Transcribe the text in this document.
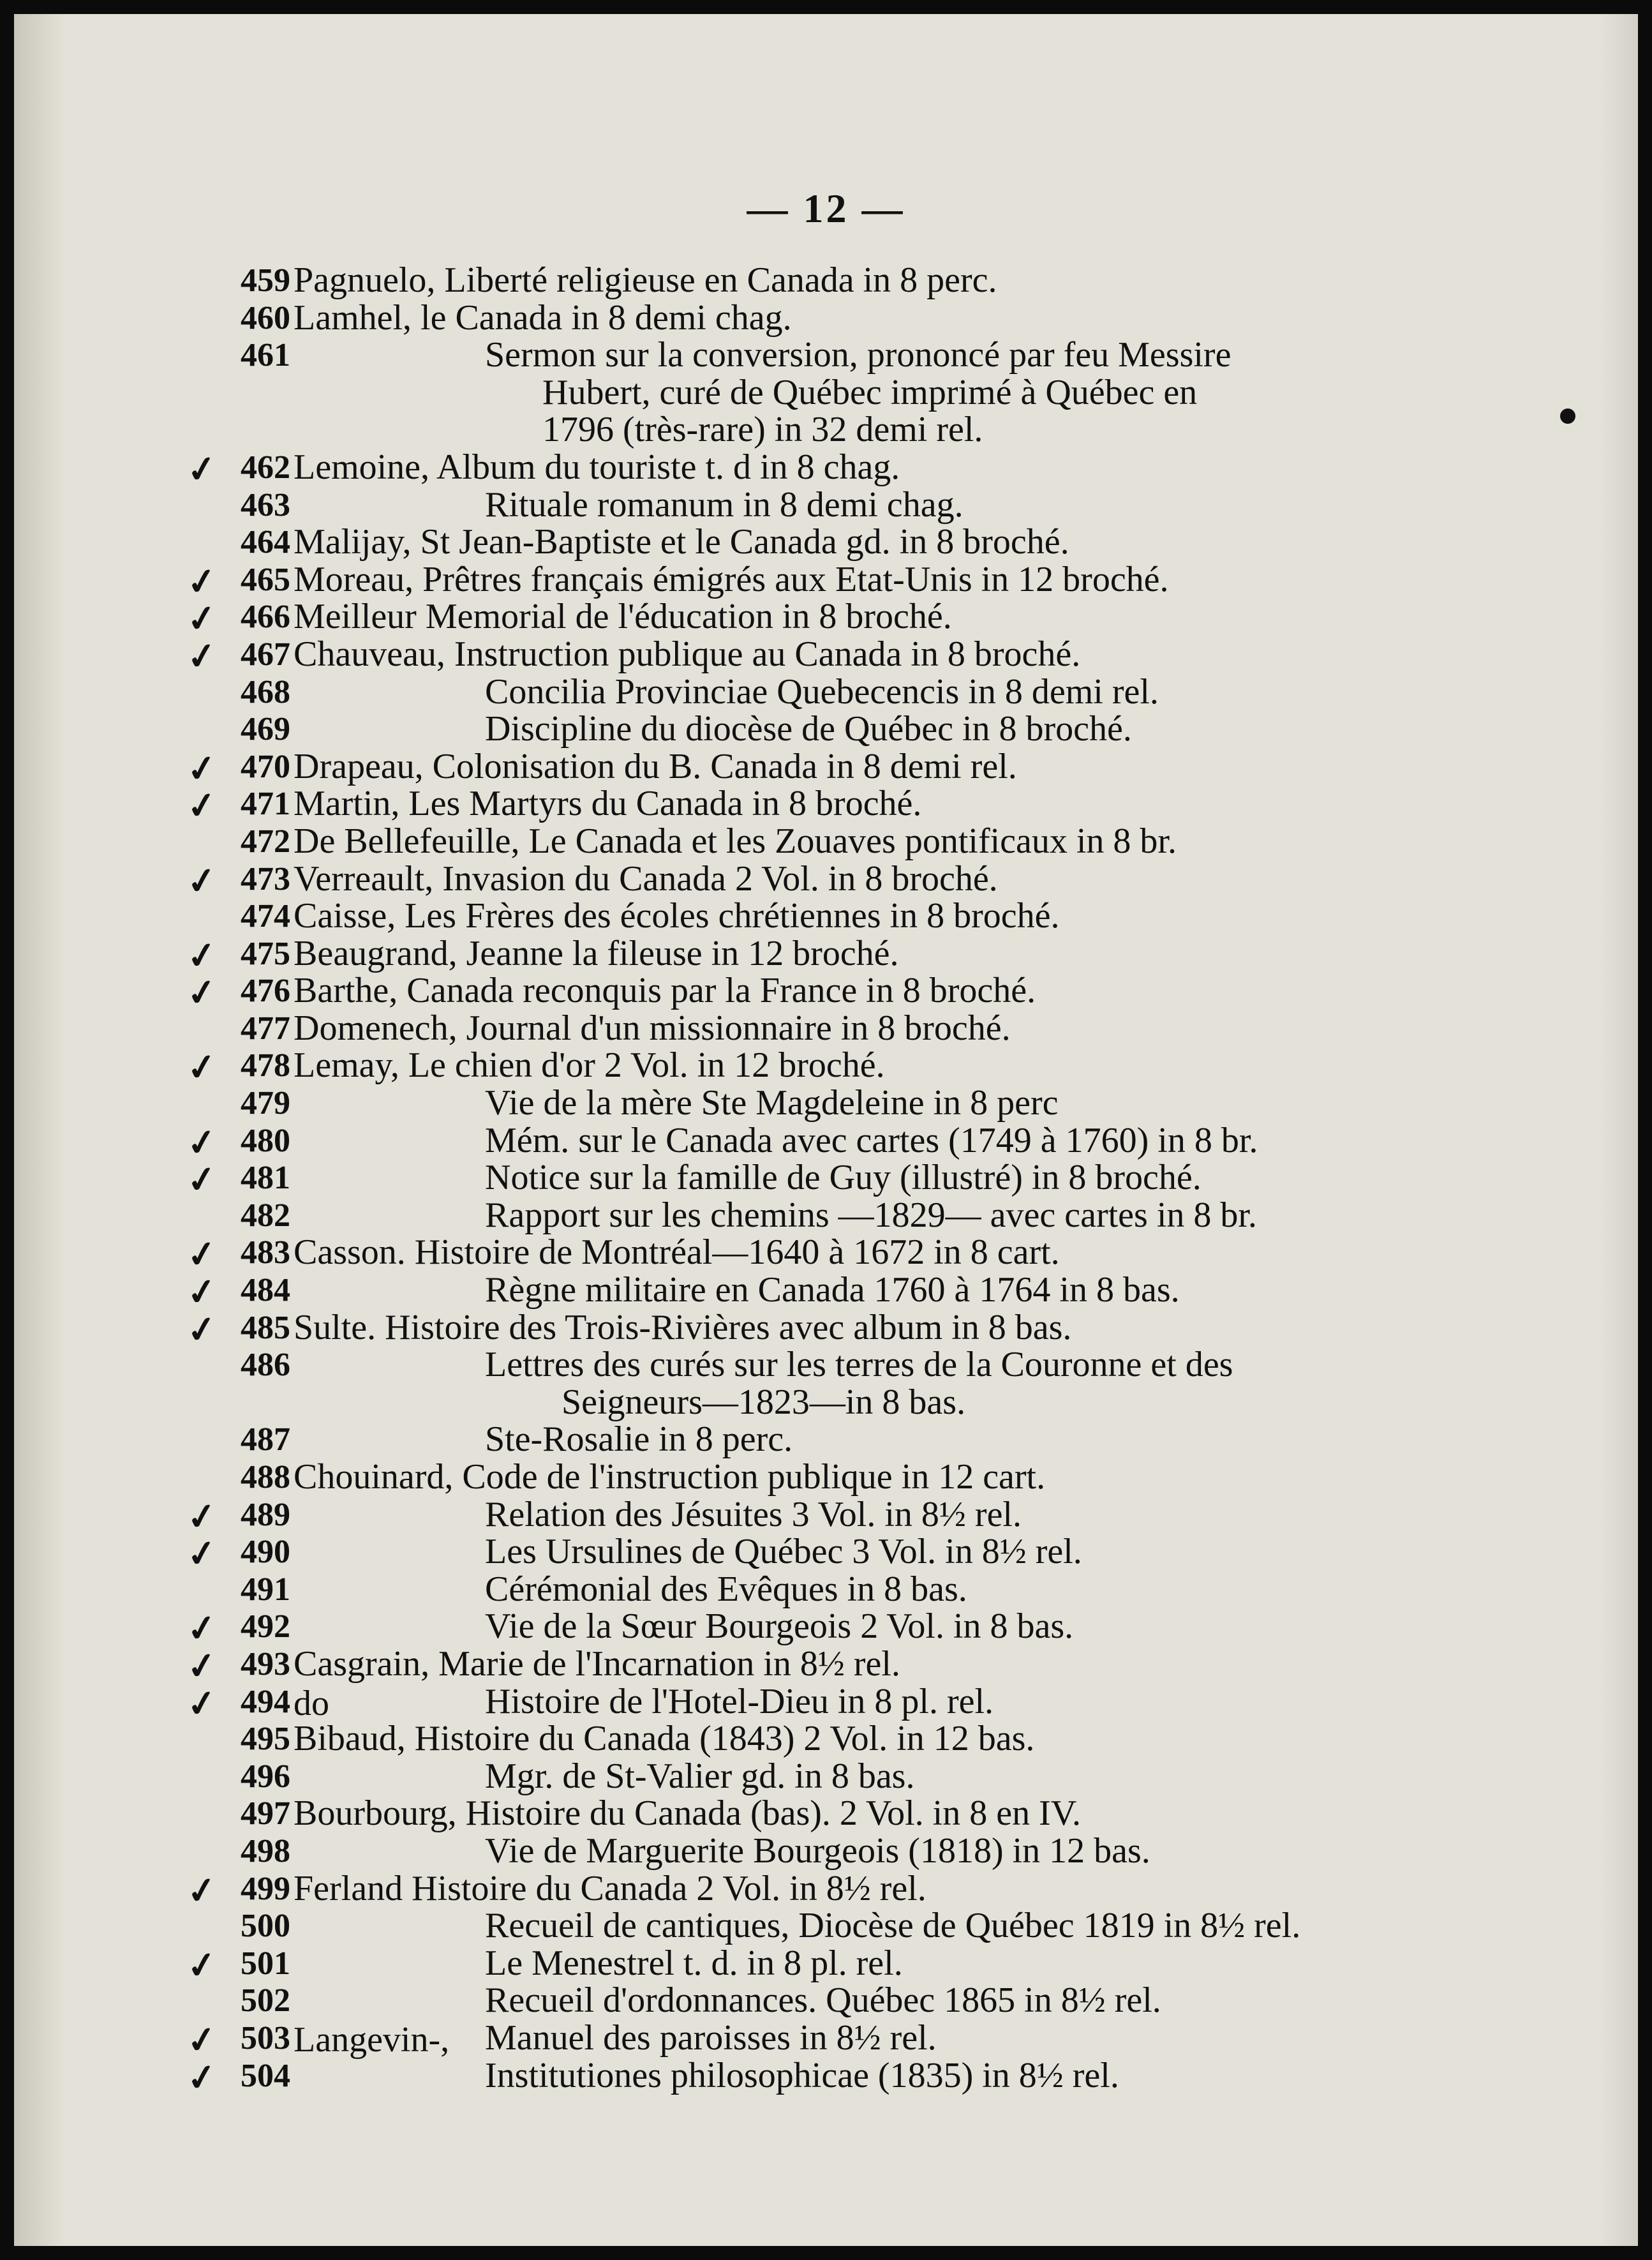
— 12 —
459 Pagnuelo, Liberté religieuse en Canada in 8 perc.
460 Lamhel, le Canada in 8 demi chag.
461	Sermon sur la conversion, prononcé par feu Messire
Hubert, curé de Québec imprimé à Québec en
1796 (très-rare) in 32 demi rel.
✓ 462 Lemoine, Album du touriste t. d in 8 chag.
463	Rituale romanum in 8 demi chag.
464 Malijay, St Jean-Baptiste et le Canada gd. in 8 broché.
✓ 465 Moreau, Prêtres français émigrés aux Etat-Unis in 12 broché.
✓ 466 Meilleur Memorial de l'éducation in 8 broché.
✓ 467 Chauveau, Instruction publique au Canada in 8 broché.
468	Concilia Provinciae Quebecencis in 8 demi rel.
469	Discipline du diocèse de Québec in 8 broché.
✓ 470 Drapeau, Colonisation du B. Canada in 8 demi rel.
✓ 471 Martin, Les Martyrs du Canada in 8 broché.
472 De Bellefeuille, Le Canada et les Zouaves pontificaux in 8 br.
✓ 473 Verreault, Invasion du Canada 2 Vol. in 8 broché.
474 Caisse, Les Frères des écoles chrétiennes in 8 broché.
✓ 475 Beaugrand, Jeanne la fileuse in 12 broché.
✓ 476 Barthe, Canada reconquis par la France in 8 broché.
477 Domenech, Journal d'un missionnaire in 8 broché.
✓ 478 Lemay, Le chien d'or 2 Vol. in 12 broché.
479	Vie de la mère Ste Magdeleine in 8 perc
✓ 480	Mém. sur le Canada avec cartes (1749 à 1760) in 8 br.
✓ 481	Notice sur la famille de Guy (illustré) in 8 broché.
482	Rapport sur les chemins —1829— avec cartes in 8 br.
✓ 483 Casson. Histoire de Montréal—1640 à 1672 in 8 cart.
✓ 484	Règne militaire en Canada 1760 à 1764 in 8 bas.
✓ 485 Sulte. Histoire des Trois-Rivières avec album in 8 bas.
486	Lettres des curés sur les terres de la Couronne et des
Seigneurs—1823—in 8 bas.
487	Ste-Rosalie in 8 perc.
488 Chouinard, Code de l'instruction publique in 12 cart.
✓ 489	Relation des Jésuites 3 Vol. in 8½ rel.
✓ 490	Les Ursulines de Québec 3 Vol. in 8½ rel.
491	Cérémonial des Evêques in 8 bas.
✓ 492	Vie de la Sœur Bourgeois 2 Vol. in 8 bas.
✓ 493 Casgrain, Marie de l'Incarnation in 8½ rel.
✓ 494 do	Histoire de l'Hotel-Dieu in 8 pl. rel.
495 Bibaud, Histoire du Canada (1843) 2 Vol. in 12 bas.
496	Mgr. de St-Valier gd. in 8 bas.
497 Bourbourg, Histoire du Canada (bas). 2 Vol. in 8 en IV.
498	Vie de Marguerite Bourgeois (1818) in 12 bas.
✓ 499 Ferland Histoire du Canada 2 Vol. in 8½ rel.
500	Recueil de cantiques, Diocèse de Québec 1819 in 8½ rel.
✓ 501	Le Menestrel t. d. in 8 pl. rel.
502	Recueil d'ordonnances. Québec 1865 in 8½ rel.
✓ 503 Langevin-, Manuel des paroisses in 8½ rel.
✓ 504	Institutiones philosophicae (1835) in 8½ rel.
